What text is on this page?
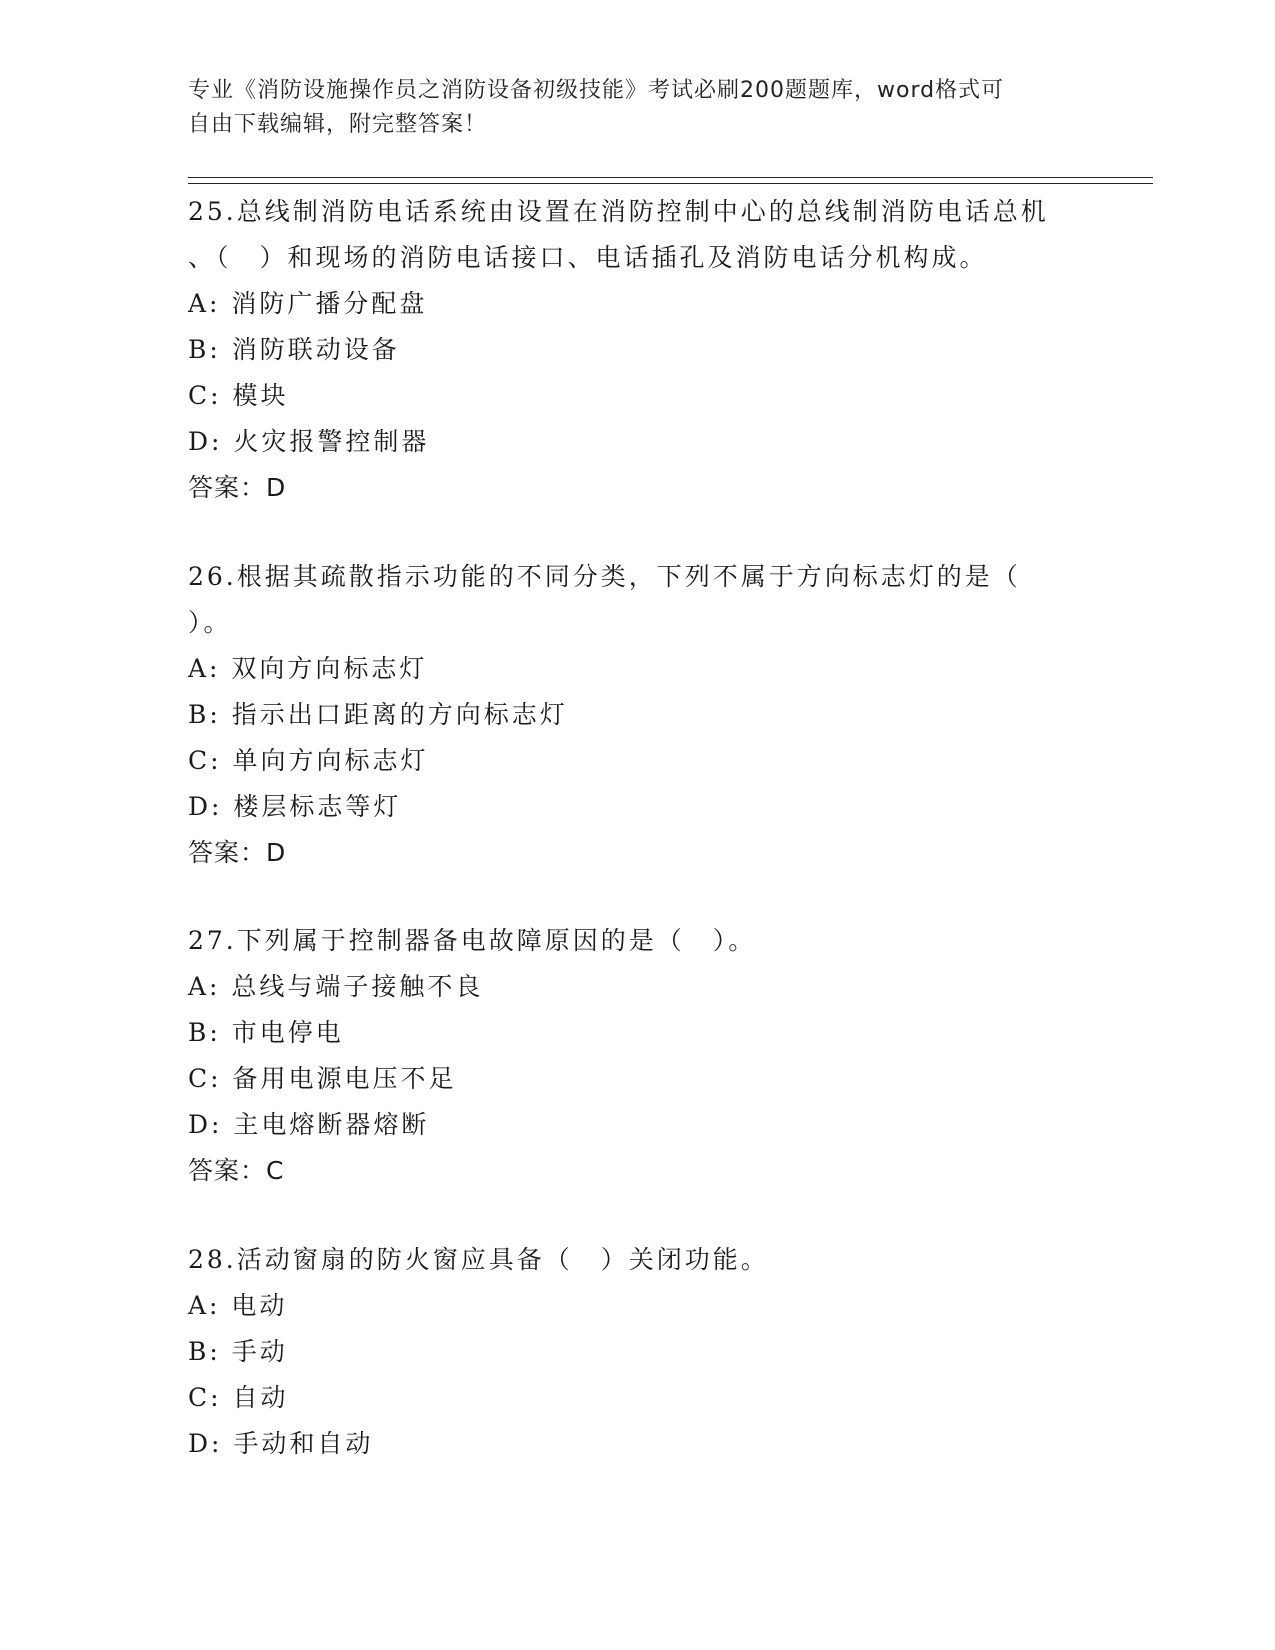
专业《消防设施操作员之消防设备初级技能》考试必刷200题题库，word格式可
自由下载编辑，附完整答案！
25.总线制消防电话系统由设置在消防控制中心的总线制消防电话总机
、（　）和现场的消防电话接口、电话插孔及消防电话分机构成。
A: 消防广播分配盘
B: 消防联动设备
C: 模块
D: 火灾报警控制器
答案：D
26.根据其疏散指示功能的不同分类，下列不属于方向标志灯的是（
）。
A: 双向方向标志灯
B: 指示出口距离的方向标志灯
C: 单向方向标志灯
D: 楼层标志等灯
答案：D
27.下列属于控制器备电故障原因的是（　）。
A: 总线与端子接触不良
B: 市电停电
C: 备用电源电压不足
D: 主电熔断器熔断
答案：C
28.活动窗扇的防火窗应具备（　）关闭功能。
A: 电动
B: 手动
C: 自动
D: 手动和自动
